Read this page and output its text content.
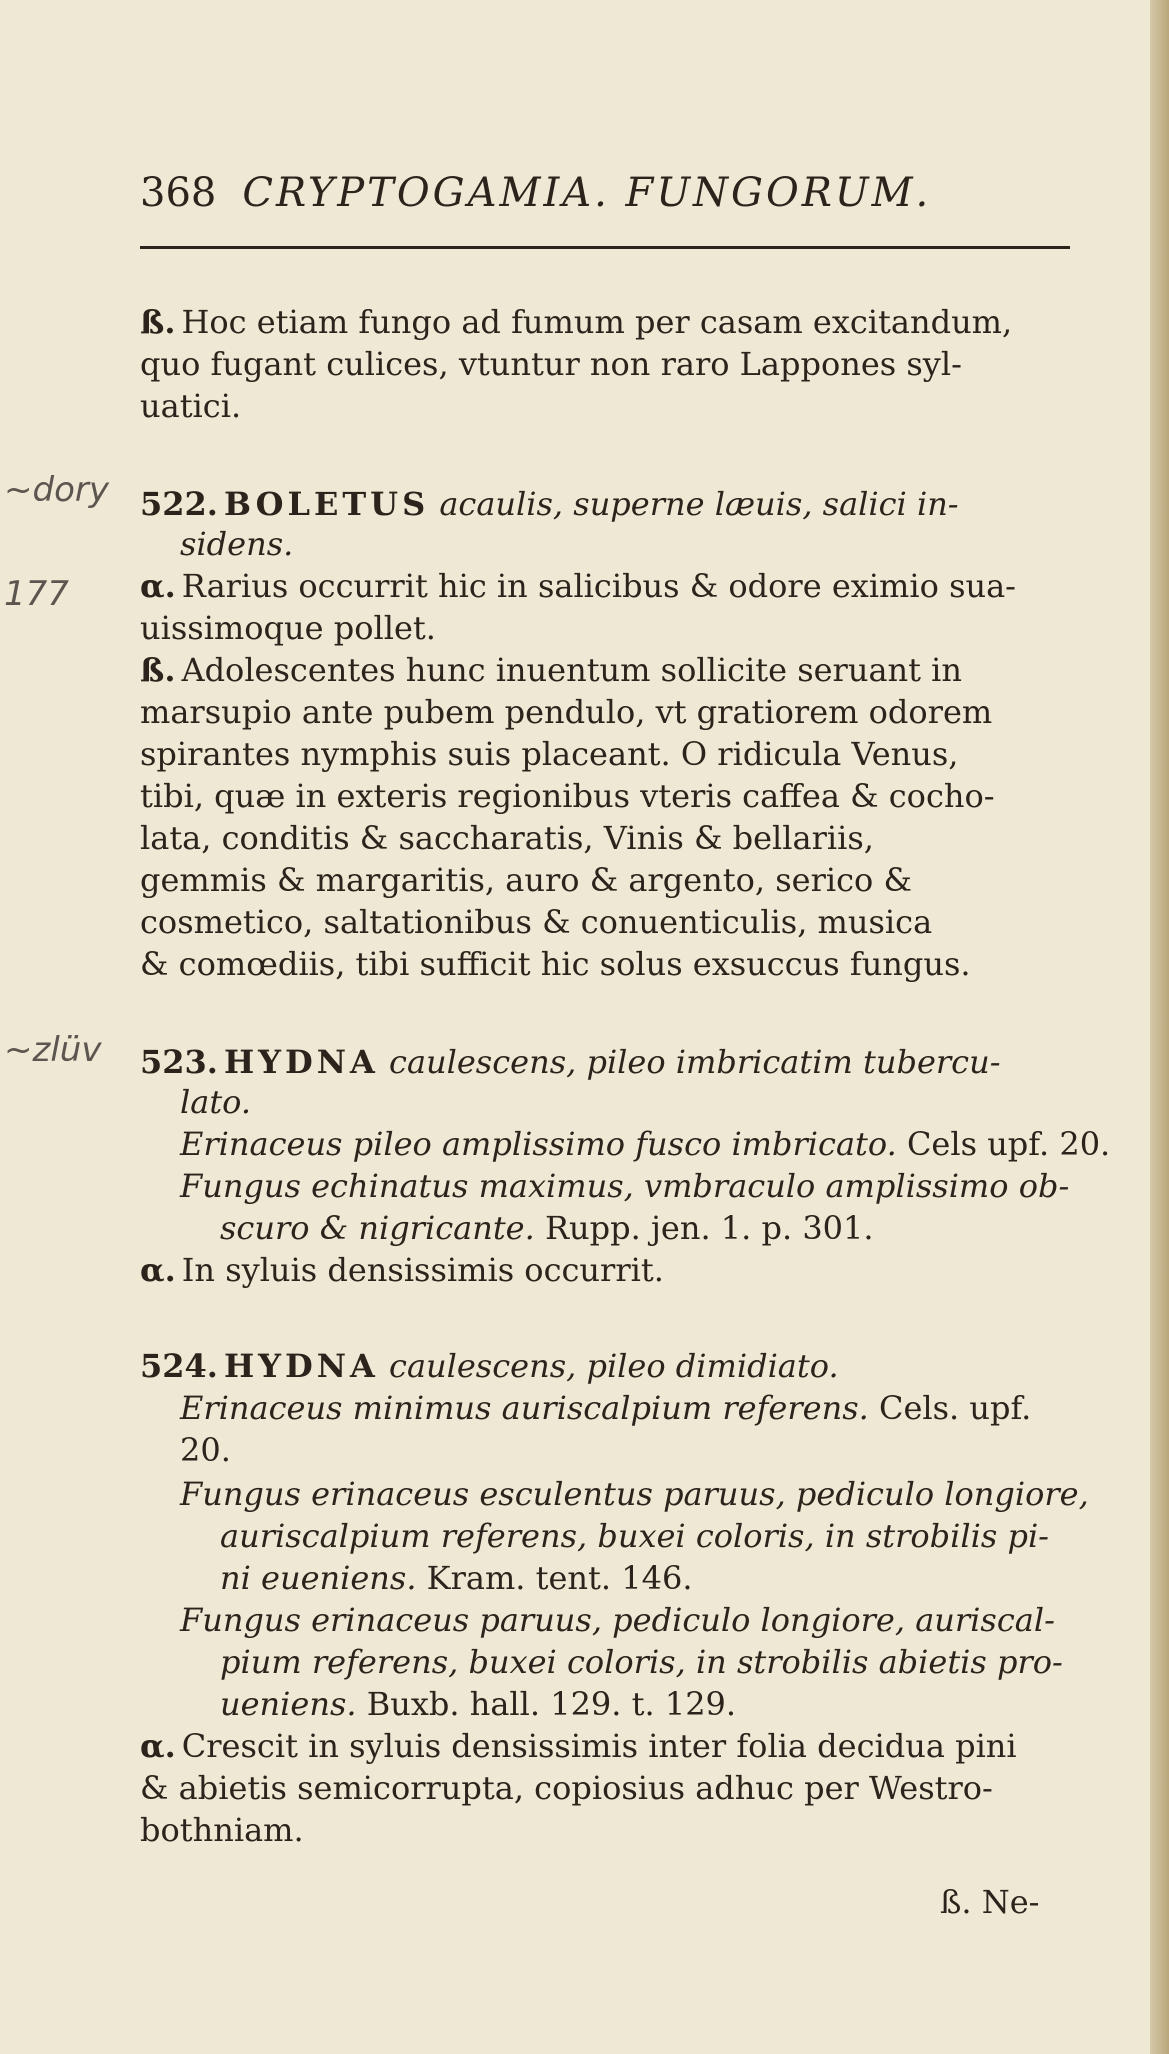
368 CRYPTOGAMIA. FUNGORUM.
ß. Hoc etiam fungo ad fumum per casam excitandum,
quo fugant culices, vtuntur non raro Lappones syl-
uatici.
522. BOLETUS acaulis, superne læuis, salici in-
sidens.
α. Rarius occurrit hic in salicibus & odore eximio sua-
uissimoque pollet.
ß. Adolescentes hunc inuentum sollicite seruant in
marsupio ante pubem pendulo, vt gratiorem odorem
spirantes nymphis suis placeant. O ridicula Venus,
tibi, quæ in exteris regionibus vteris caffea & cocho-
lata, conditis & saccharatis, Vinis & bellariis,
gemmis & margaritis, auro & argento, serico &
cosmetico, saltationibus & conuenticulis, musica
& comœdiis, tibi sufficit hic solus exsuccus fungus.
523. HYDNA caulescens, pileo imbricatim tubercu-
lato.
Erinaceus pileo amplissimo fusco imbricato. Cels upf. 20.
Fungus echinatus maximus, vmbraculo amplissimo ob-
scuro & nigricante. Rupp. jen. 1. p. 301.
α. In syluis densissimis occurrit.
524. HYDNA caulescens, pileo dimidiato.
Erinaceus minimus auriscalpium referens. Cels. upf.
20.
Fungus erinaceus esculentus paruus, pediculo longiore,
auriscalpium referens, buxei coloris, in strobilis pi-
ni eueniens. Kram. tent. 146.
Fungus erinaceus paruus, pediculo longiore, auriscal-
pium referens, buxei coloris, in strobilis abietis pro-
ueniens. Buxb. hall. 129. t. 129.
α. Crescit in syluis densissimis inter folia decidua pini
& abietis semicorrupta, copiosius adhuc per Westro-
bothniam.
ß. Ne-
~dory
177
~zlüv
